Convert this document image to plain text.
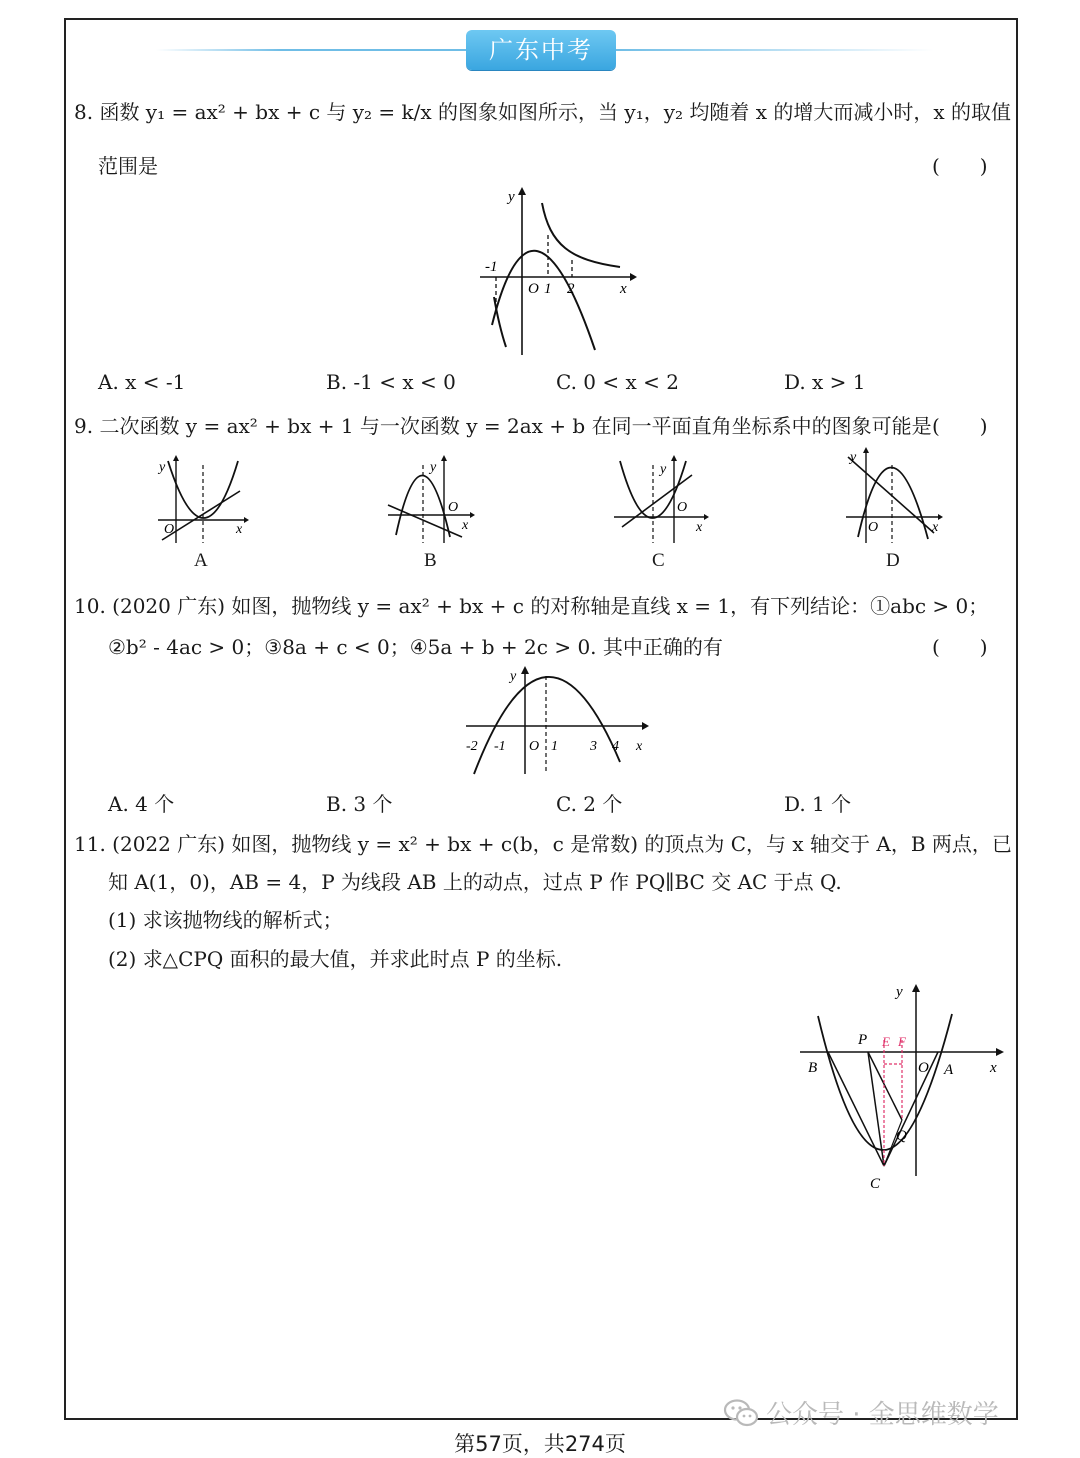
广东中考
8. 函数 y₁ = ax² + bx + c 与 y₂ = k/x 的图象如图所示，当 y₁，y₂ 均随着 x 的增大而减小时，x 的取值
范围是	(　　)
y
x
O
-1
1 2
A. x < -1	B. -1 < x < 0	C. 0 < x < 2	D. x > 1
9. 二次函数 y = ax² + bx + 1 与一次函数 y = 2ax + b 在同一平面直角坐标系中的图象可能是 (　　)
y
x
O
A
y
x
O
B
y
x
O
C
y
x
O
D
10. (2020 广东) 如图，抛物线 y = ax² + bx + c 的对称轴是直线 x = 1，有下列结论：①abc > 0；
②b² - 4ac > 0；③8a + c < 0；④5a + b + 2c > 0. 其中正确的有	(　　)
y
x
O
-2 -1	1 3 4
A. 4 个	B. 3 个	C. 2 个	D. 1 个
11. (2022 广东) 如图，抛物线 y = x² + bx + c(b，c 是常数) 的顶点为 C，与 x 轴交于 A，B 两点，已
知 A(1，0)，AB = 4，P 为线段 AB 上的动点，过点 P 作 PQ∥BC 交 AC 于点 Q.
(1) 求该抛物线的解析式；
(2) 求△CPQ 面积的最大值，并求此时点 P 的坐标.
y
x
O A
B
C
P
Q
E F
公众号 · 金思维数学
第57页，共274页
